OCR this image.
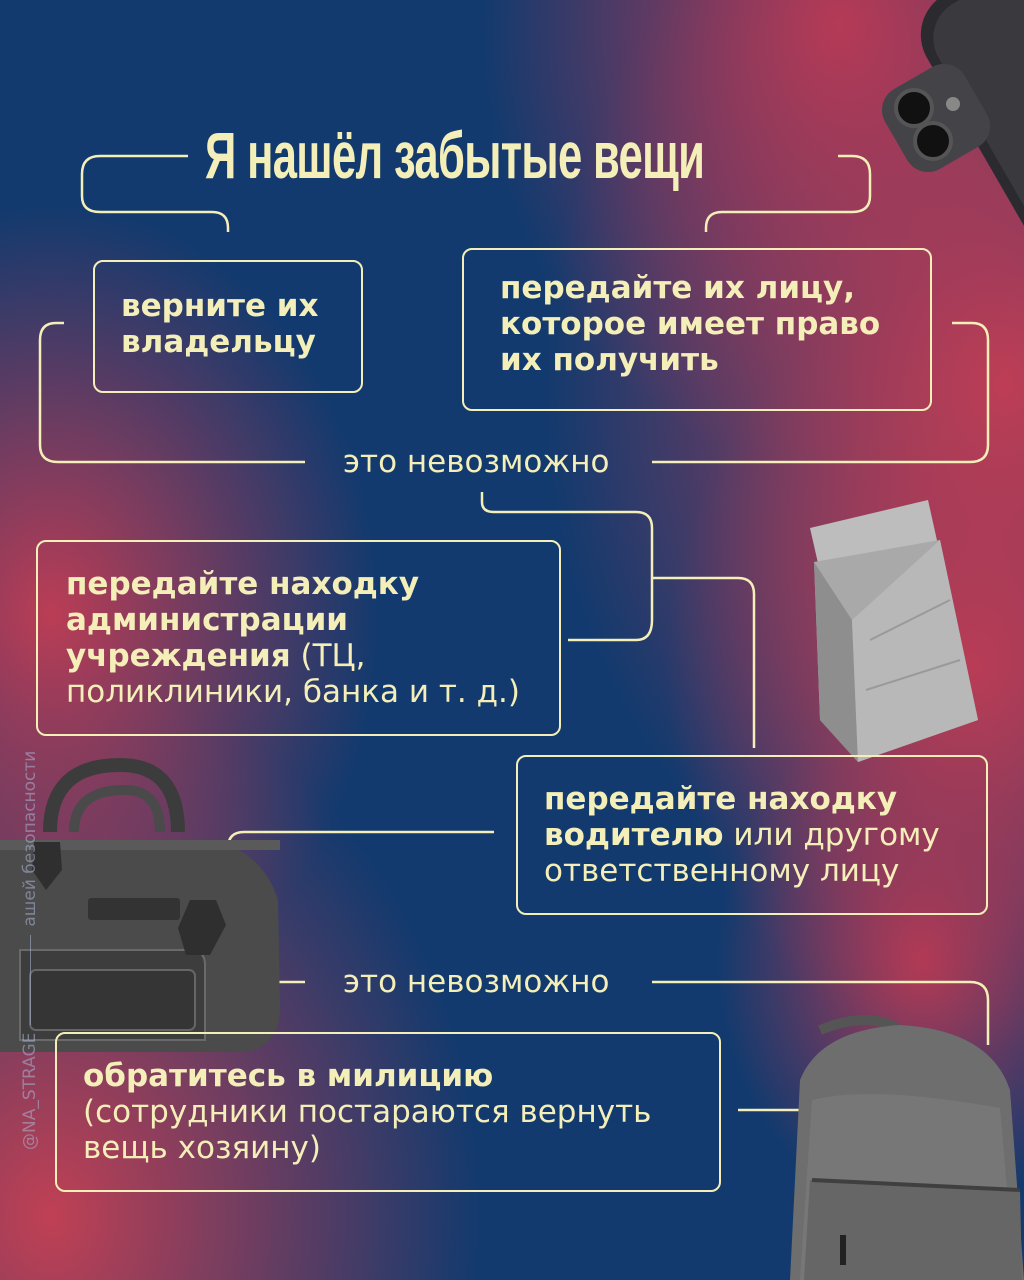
Я нашёл забытые вещи
верните их владельцу
передайте их лицу, которое имеет право их получить
это невозможно
передайте находку администрации учреждения (ТЦ, поликлиники, банка и т. д.)
передайте находку водителю или другому ответственному лицу
это невозможно
обратитесь в милицию
(сотрудники постараются вернуть вещь хозяину)
@NA_STRAGEашей безопасности
